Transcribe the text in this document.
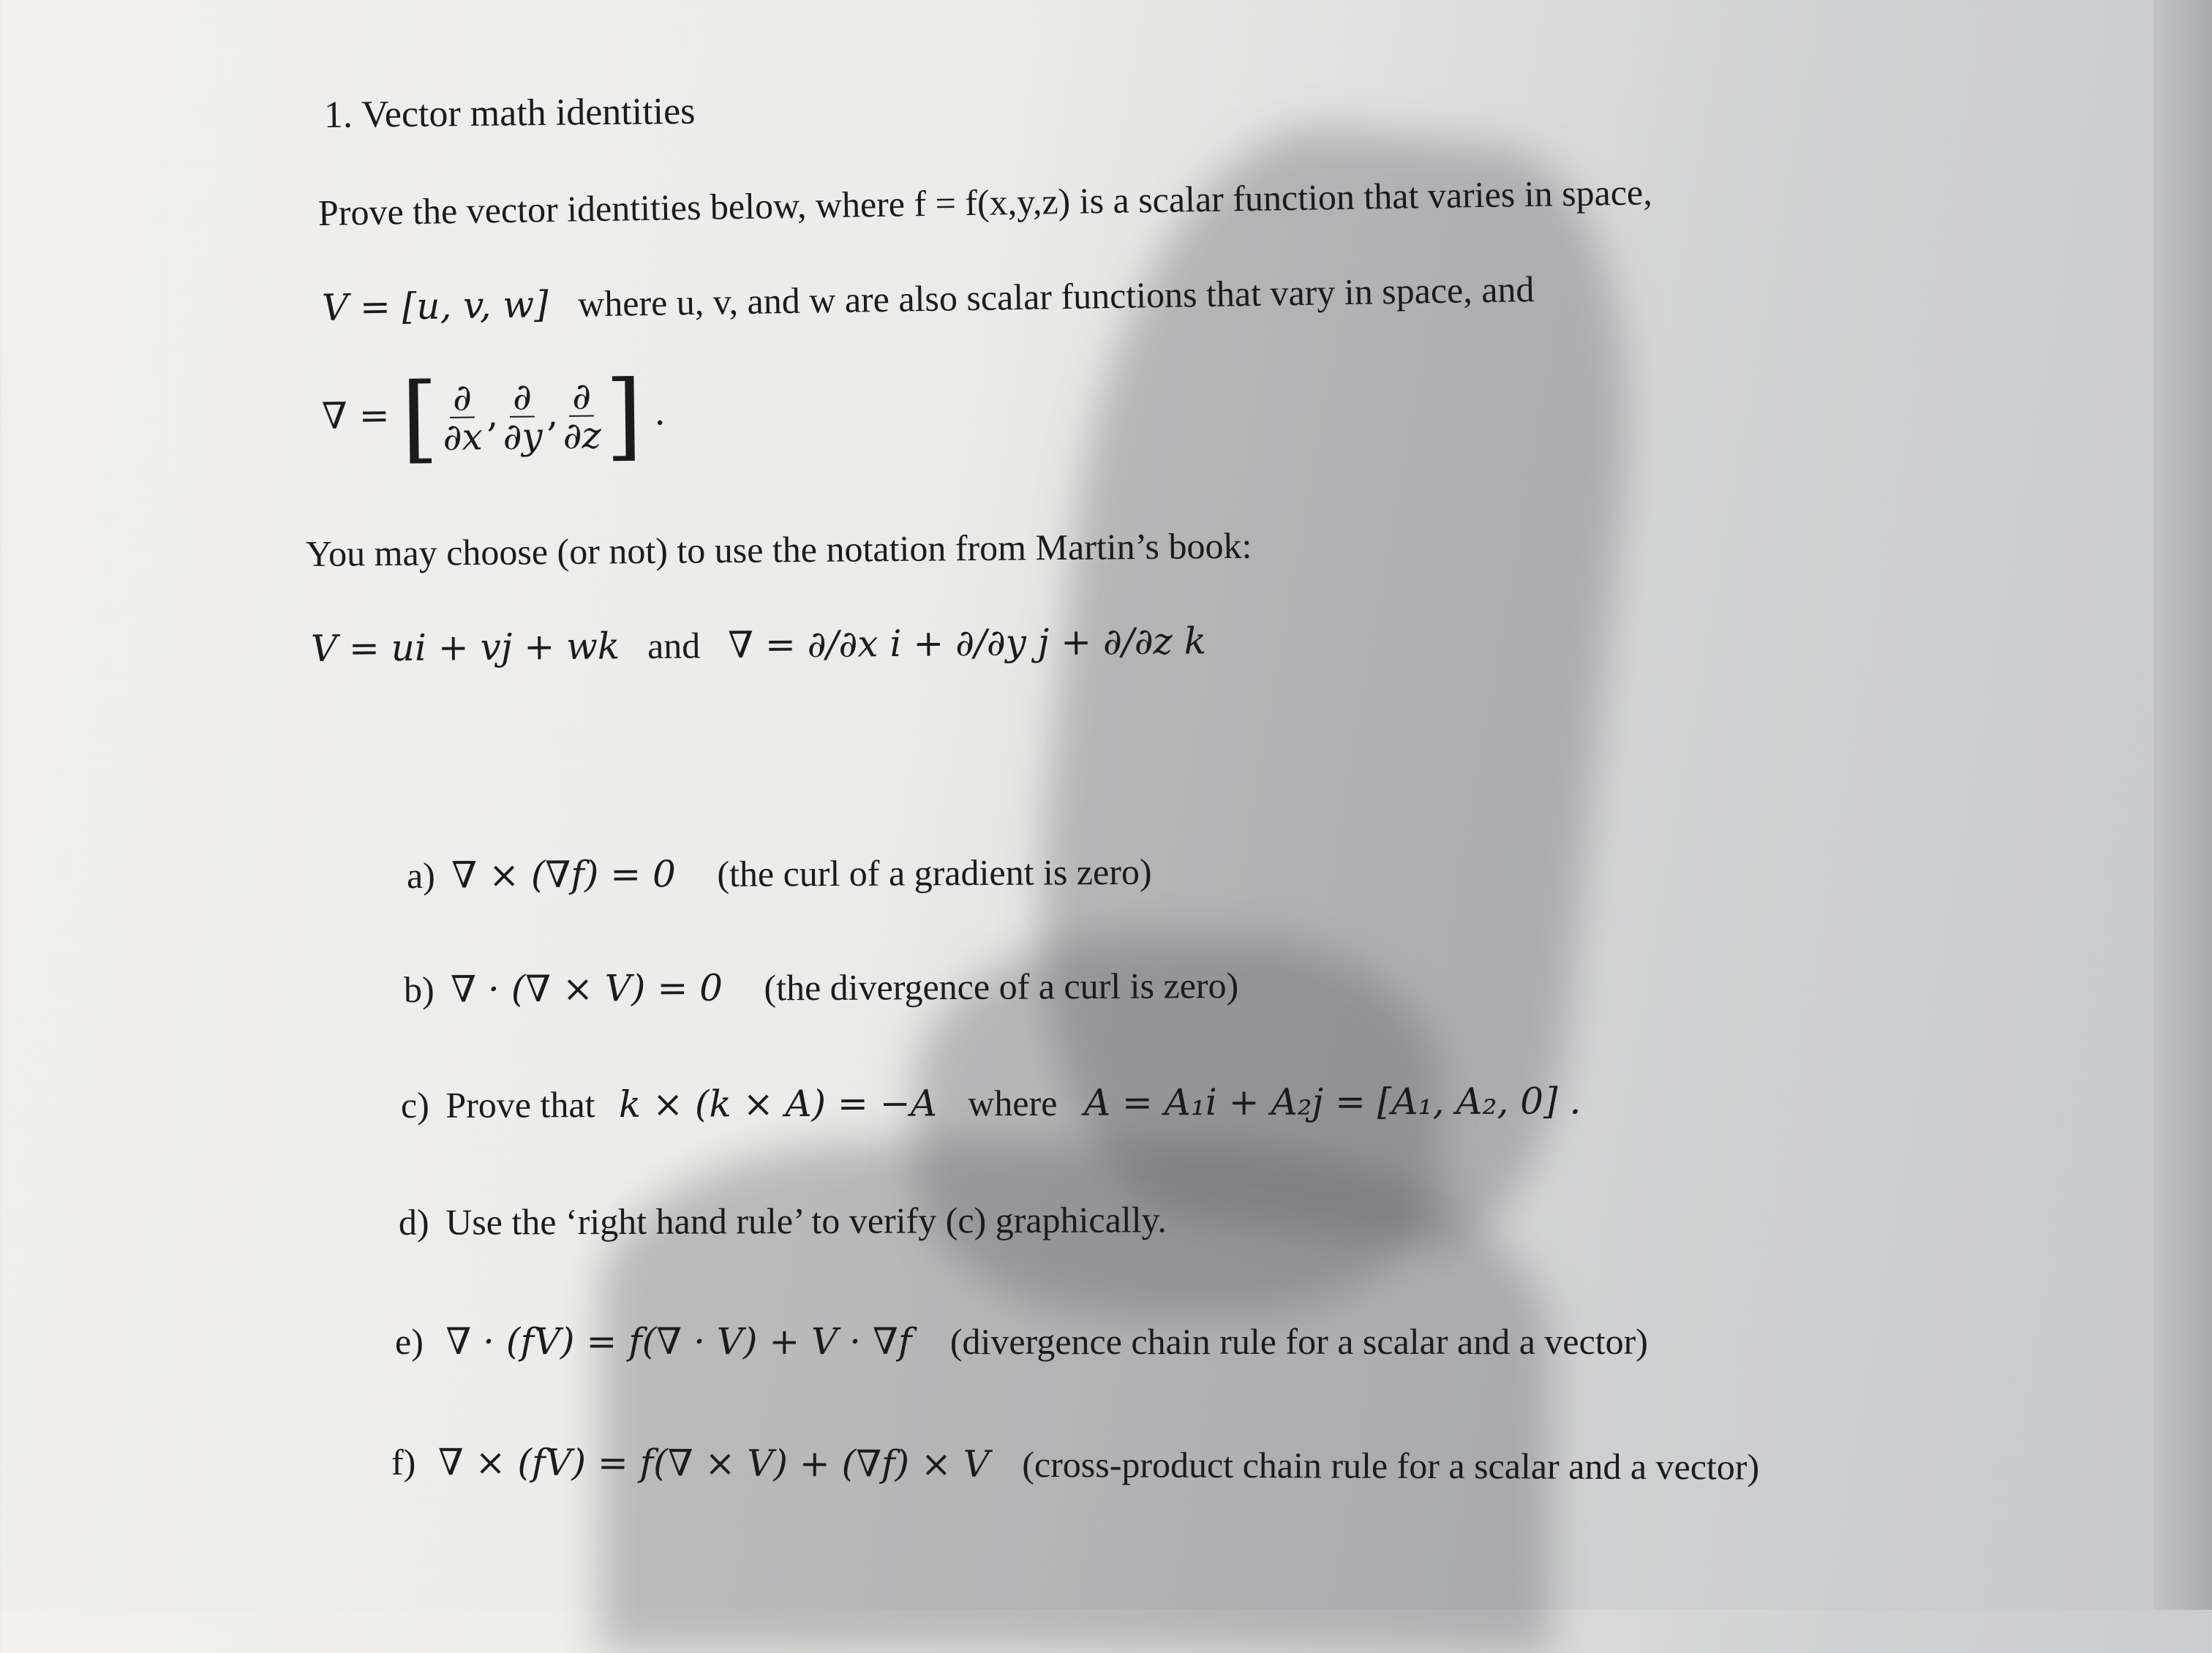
1. Vector math identities
Prove the vector identities below, where f = f(x,y,z) is a scalar function that varies in space,
V = [u, v, w] where u, v, and w are also scalar functions that vary in space, and
∇ = [ $\frac{\partial}{\partial x}$ , $\frac{\partial}{\partial y}$ , $\frac{\partial}{\partial z}$ ] .
You may choose (or not) to use the notation from Martin’s book:
V = ui + vj + wk and ∇ = ∂/∂x i + ∂/∂y j + ∂/∂z k
a) ∇ × (∇f) = 0 (the curl of a gradient is zero)
b) ∇ · (∇ × V) = 0 (the divergence of a curl is zero)
c) Prove that k × (k × A) = −A where A = A₁i + A₂j = [A₁, A₂, 0] .
d) Use the ‘right hand rule’ to verify (c) graphically.
e) ∇ · (fV) = f(∇ · V) + V · ∇f (divergence chain rule for a scalar and a vector)
f) ∇ × (fV) = f(∇ × V) + (∇f) × V (cross-product chain rule for a scalar and a vector)
